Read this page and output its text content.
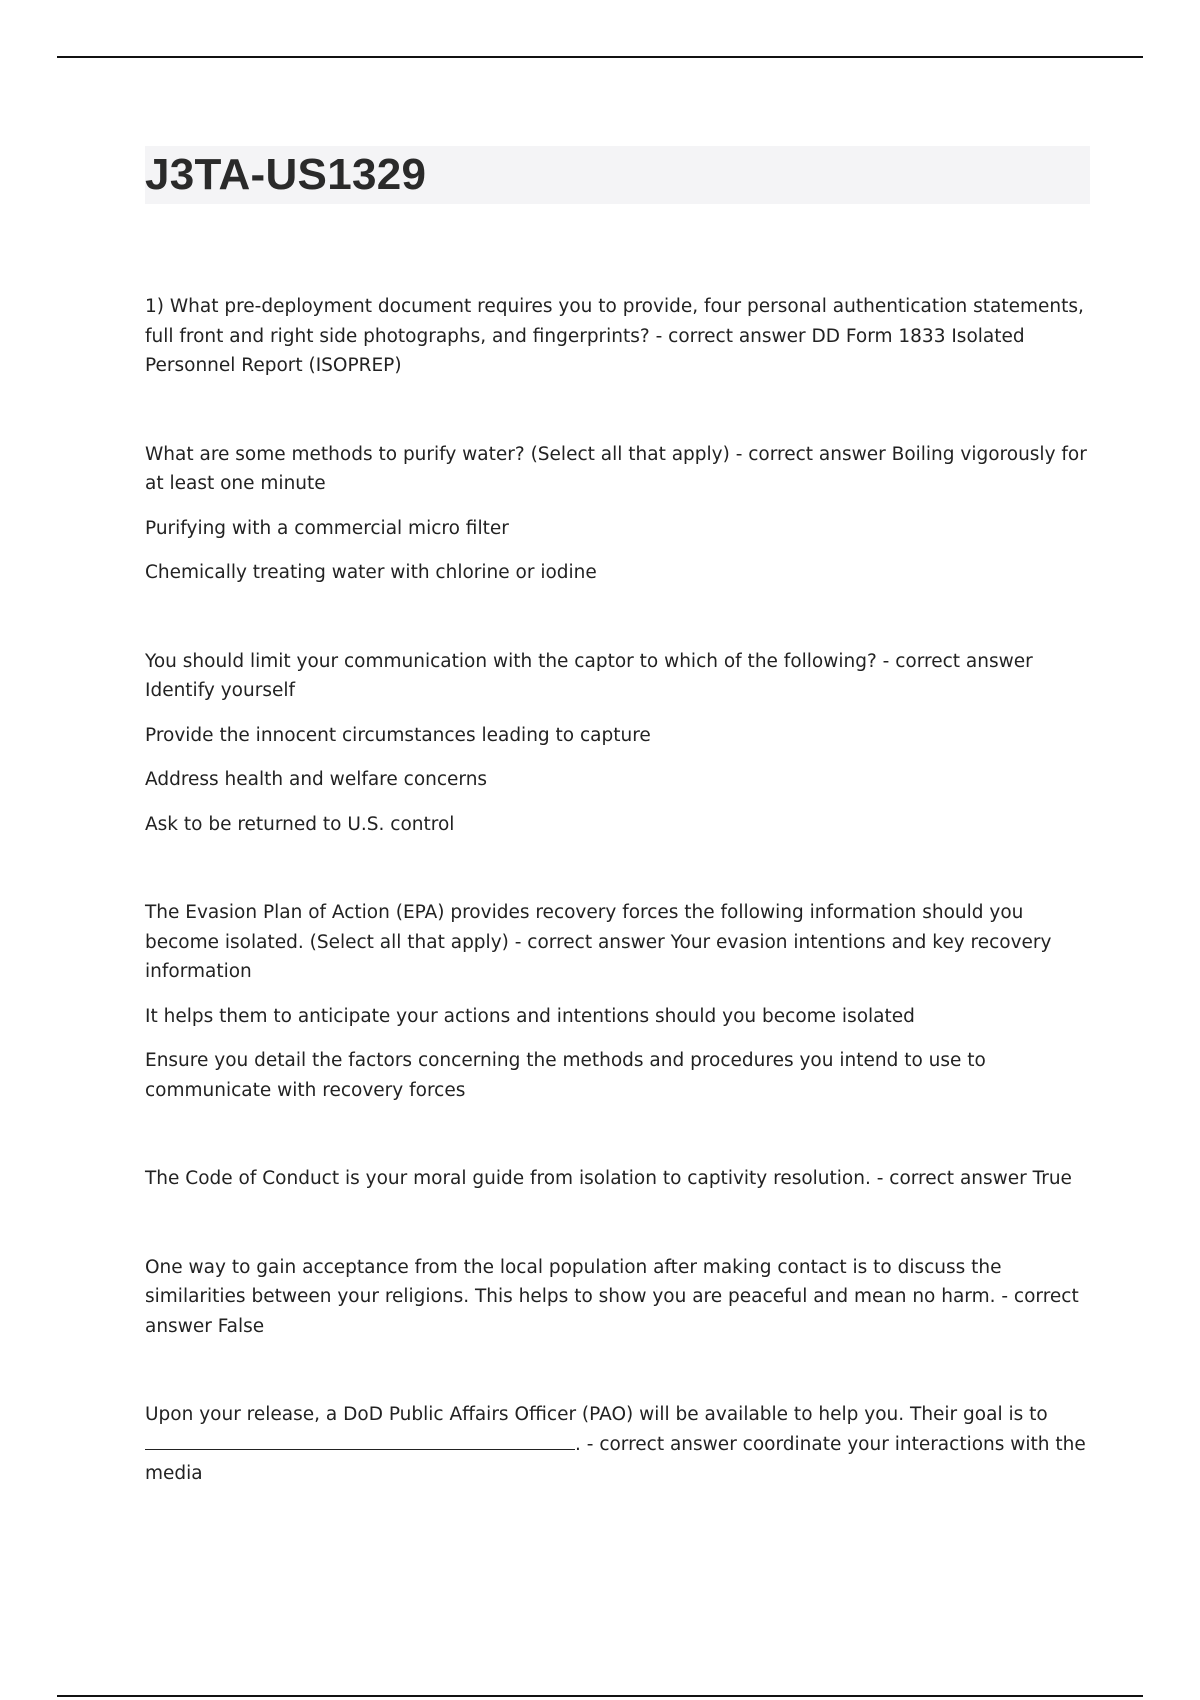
J3TA-US1329

1) What pre-deployment document requires you to provide, four personal authentication statements, full front and right side photographs, and fingerprints? - correct answer DD Form 1833 Isolated Personnel Report (ISOPREP)

What are some methods to purify water? (Select all that apply) - correct answer Boiling vigorously for at least one minute

Purifying with a commercial micro filter

Chemically treating water with chlorine or iodine

You should limit your communication with the captor to which of the following? - correct answer Identify yourself

Provide the innocent circumstances leading to capture

Address health and welfare concerns

Ask to be returned to U.S. control

The Evasion Plan of Action (EPA) provides recovery forces the following information should you become isolated. (Select all that apply) - correct answer Your evasion intentions and key recovery information

It helps them to anticipate your actions and intentions should you become isolated

Ensure you detail the factors concerning the methods and procedures you intend to use to communicate with recovery forces

The Code of Conduct is your moral guide from isolation to captivity resolution. - correct answer True

One way to gain acceptance from the local population after making contact is to discuss the similarities between your religions. This helps to show you are peaceful and mean no harm. - correct answer False

Upon your release, a DoD Public Affairs Officer (PAO) will be available to help you. Their goal is to. - correct answer coordinate your interactions with the media
